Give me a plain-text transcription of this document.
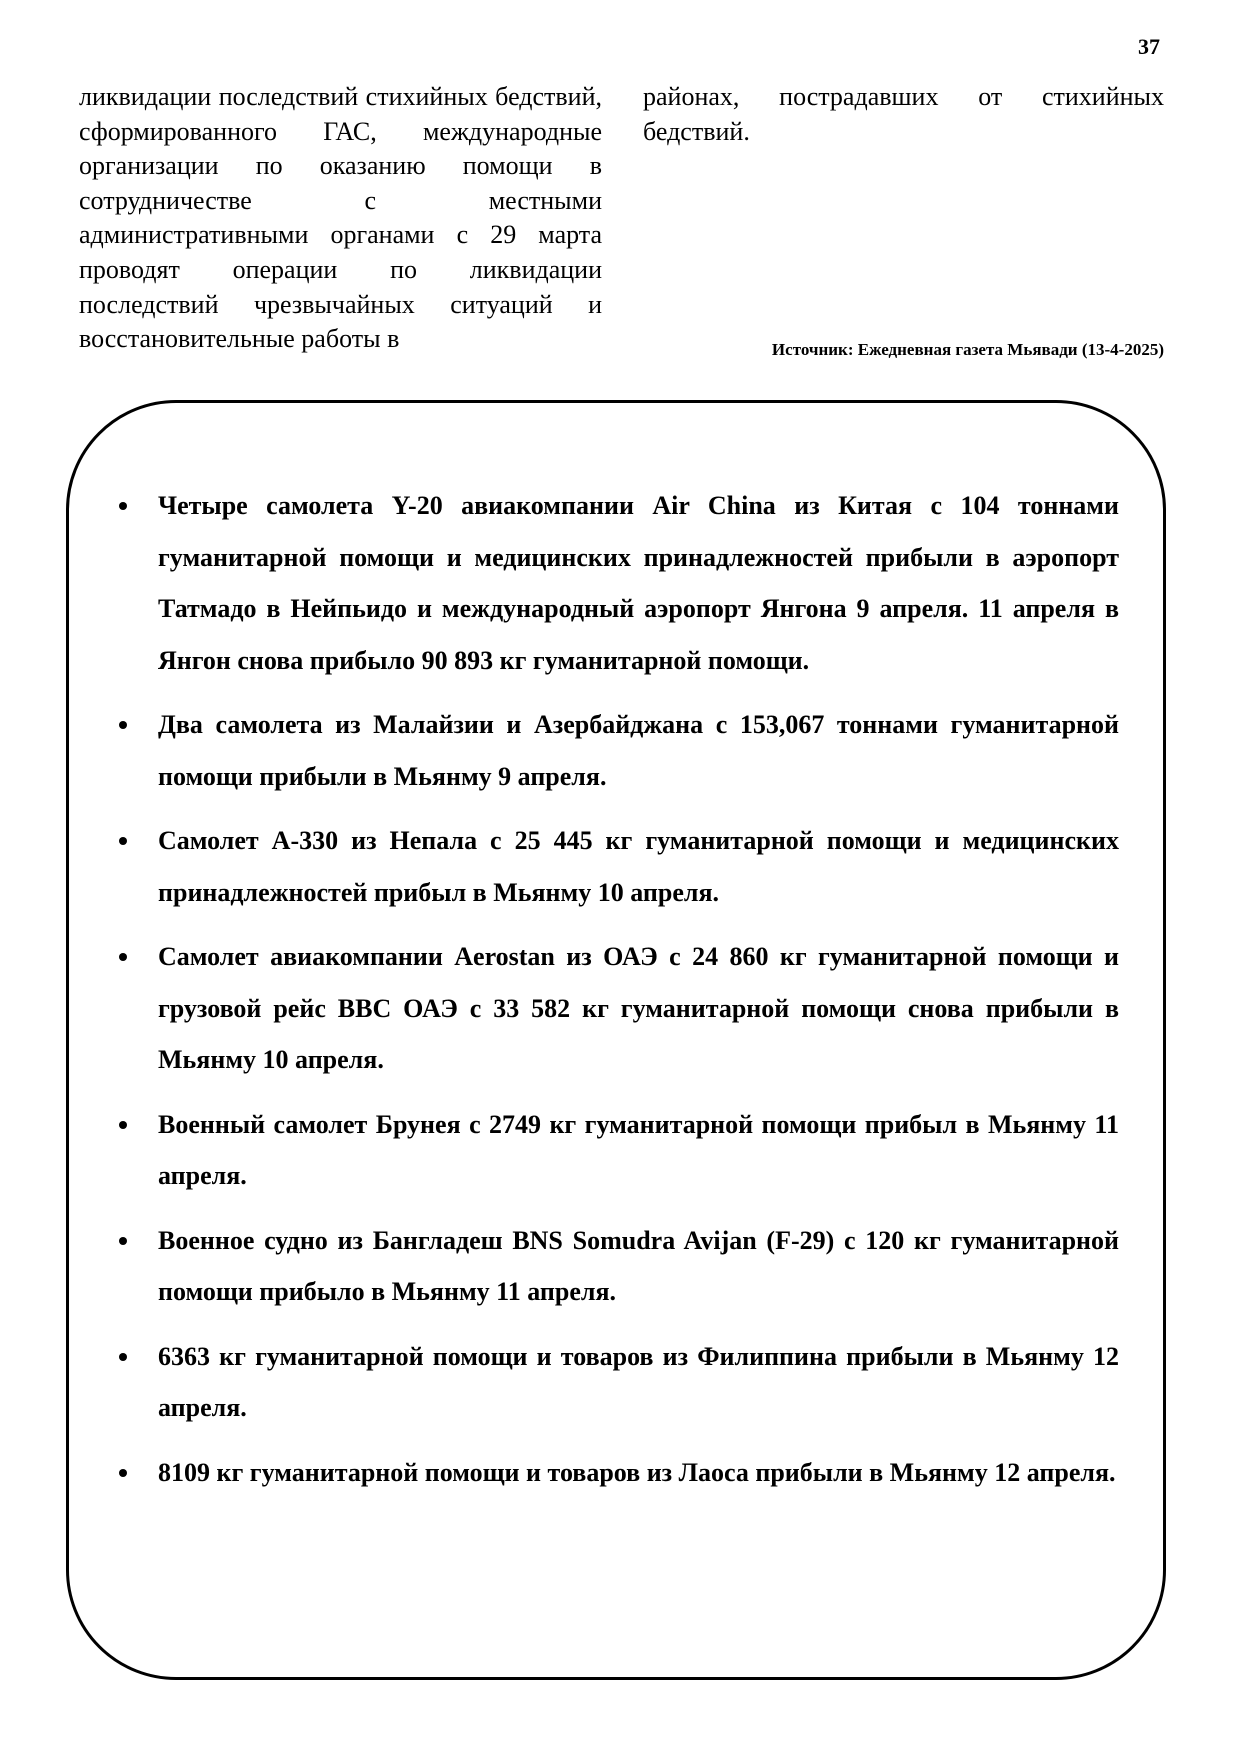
37
ликвидации последствий стихийных бедствий, сформированного ГАС, международные организации по оказанию помощи в сотрудничестве с местными административными органами с 29 марта проводят операции по ликвидации последствий чрезвычайных ситуаций и восстановительные работы в
районах, пострадавших от стихийных бедствий.
Источник: Ежедневная газета Мьявади (13-4-2025)
Четыре самолета Y-20 авиакомпании Air China из Китая с 104 тоннами гуманитарной помощи и медицинских принадлежностей прибыли в аэропорт Татмадо в Нейпьидо и международный аэропорт Янгона 9 апреля. 11 апреля в Янгон снова прибыло 90 893 кг гуманитарной помощи.
Два самолета из Малайзии и Азербайджана с 153,067 тоннами гуманитарной помощи прибыли в Мьянму 9 апреля.
Самолет А-330 из Непала с 25 445 кг гуманитарной помощи и медицинских принадлежностей прибыл в Мьянму 10 апреля.
Самолет авиакомпании Aerostan из ОАЭ с 24 860 кг гуманитарной помощи и грузовой рейс BBC ОАЭ с 33 582 кг гуманитарной помощи снова прибыли в Мьянму 10 апреля.
Военный самолет Брунея с 2749 кг гуманитарной помощи прибыл в Мьянму 11 апреля.
Военное судно из Бангладеш BNS Somudra Avijan (F-29) с 120 кг гуманитарной помощи прибыло в Мьянму 11 апреля.
6363 кг гуманитарной помощи и товаров из Филиппина прибыли в Мьянму 12 апреля.
8109 кг гуманитарной помощи и товаров из Лаоса прибыли в Мьянму 12 апреля.
